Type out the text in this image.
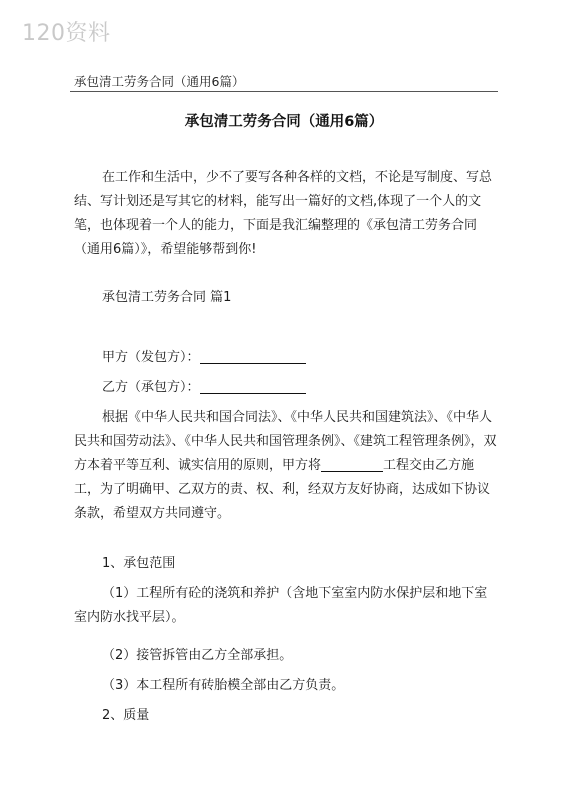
120资料
承包清工劳务合同（通用6篇）
承包清工劳务合同（通用6篇）
在工作和生活中，少不了要写各种各样的文档，不论是写制度、写总结、写计划还是写其它的材料，能写出一篇好的文档,体现了一个人的文笔，也体现着一个人的能力，下面是我汇编整理的《承包清工劳务合同（通用6篇）》，希望能够帮到你!
承包清工劳务合同 篇1
甲方（发包方）：
乙方（承包方）：
根据《中华人民共和国合同法》、《中华人民共和国建筑法》、《中华人民共和国劳动法》、《中华人民共和国管理条例》、《建筑工程管理条例》，双方本着平等互利、诚实信用的原则，甲方将	工程交由乙方施工，为了明确甲、乙双方的责、权、利，经双方友好协商，达成如下协议条款，希望双方共同遵守。
1、承包范围
（1）工程所有砼的浇筑和养护（含地下室室内防水保护层和地下室室内防水找平层）。
（2）接管拆管由乙方全部承担。
（3）本工程所有砖胎模全部由乙方负责。
2、质量
